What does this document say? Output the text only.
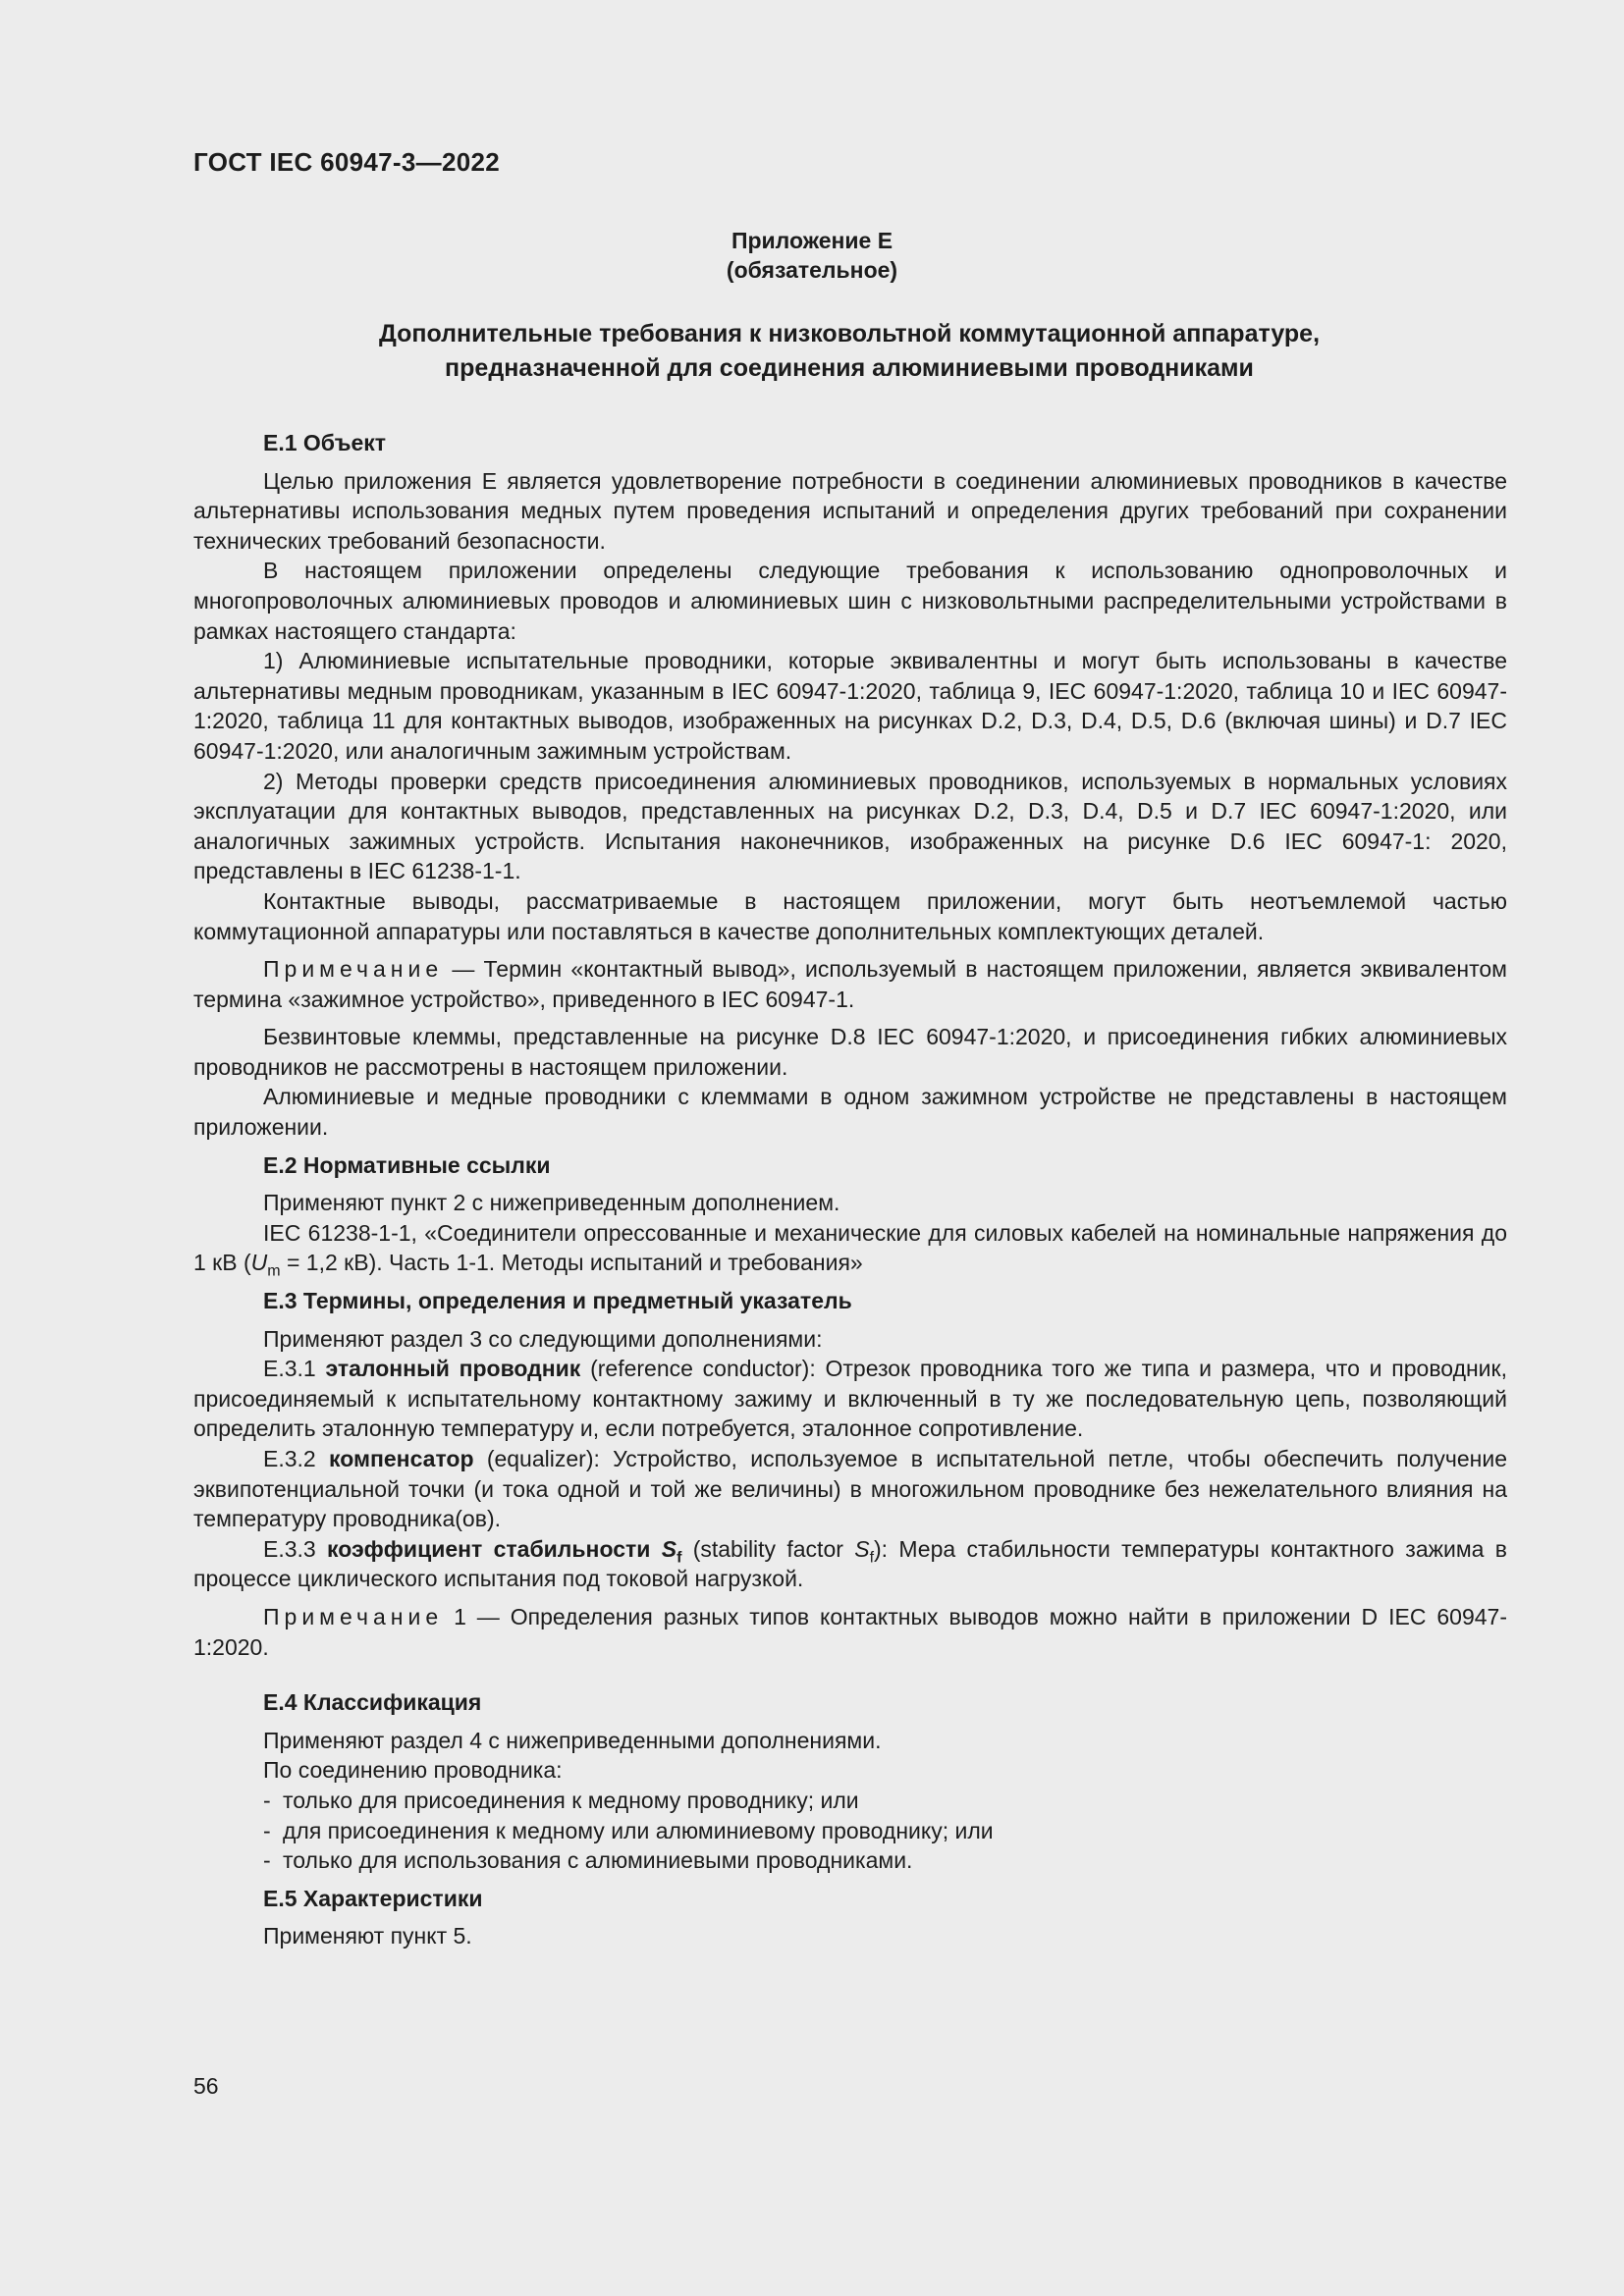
ГОСТ IEC 60947-3—2022
Приложение Е
(обязательное)
Дополнительные требования к низковольтной коммутационной аппаратуре,
предназначенной для соединения алюминиевыми проводниками
E.1 Объект

Целью приложения Е является удовлетворение потребности в соединении алюминиевых проводников в качестве альтернативы использования медных путем проведения испытаний и определения других требований при сохранении технических требований безопасности.

В настоящем приложении определены следующие требования к использованию однопроволочных и многопроволочных алюминиевых проводов и алюминиевых шин с низковольтными распределительными устройствами в рамках настоящего стандарта:

1) Алюминиевые испытательные проводники, которые эквивалентны и могут быть использованы в качестве альтернативы медным проводникам, указанным в IEC 60947-1:2020, таблица 9, IEC 60947-1:2020, таблица 10 и IEC 60947-1:2020, таблица 11 для контактных выводов, изображенных на рисунках D.2, D.3, D.4, D.5, D.6 (включая шины) и D.7 IEC 60947-1:2020, или аналогичным зажимным устройствам.

2) Методы проверки средств присоединения алюминиевых проводников, используемых в нормальных условиях эксплуатации для контактных выводов, представленных на рисунках D.2, D.3, D.4, D.5 и D.7 IEC 60947-1:2020, или аналогичных зажимных устройств. Испытания наконечников, изображенных на рисунке D.6 IEC 60947-1: 2020, представлены в IEC 61238-1-1.

Контактные выводы, рассматриваемые в настоящем приложении, могут быть неотъемлемой частью коммутационной аппаратуры или поставляться в качестве дополнительных комплектующих деталей.

Примечание — Термин «контактный вывод», используемый в настоящем приложении, является эквивалентом термина «зажимное устройство», приведенного в IEC 60947-1.

Безвинтовые клеммы, представленные на рисунке D.8 IEC 60947-1:2020, и присоединения гибких алюминиевых проводников не рассмотрены в настоящем приложении.

Алюминиевые и медные проводники с клеммами в одном зажимном устройстве не представлены в настоящем приложении.

E.2 Нормативные ссылки

Применяют пункт 2 с нижеприведенным дополнением.

IEC 61238-1-1, «Соединители опрессованные и механические для силовых кабелей на номинальные напряжения до 1 кВ ($U_m = 1,2$ кВ). Часть 1-1. Методы испытаний и требования»

E.3 Термины, определения и предметный указатель

Применяют раздел 3 со следующими дополнениями:

E.3.1 эталонный проводник (reference conductor): Отрезок проводника того же типа и размера, что и проводник, присоединяемый к испытательному контактному зажиму и включенный в ту же последовательную цепь, позволяющий определить эталонную температуру и, если потребуется, эталонное сопротивление.

E.3.2 компенсатор (equalizer): Устройство, используемое в испытательной петле, чтобы обеспечить получение эквипотенциальной точки (и тока одной и той же величины) в многожильном проводнике без нежелательного влияния на температуру проводника(ов).

E.3.3 коэффициент стабильности $S_f$ (stability factor $S_f$): Мера стабильности температуры контактного зажима в процессе циклического испытания под токовой нагрузкой.

Примечание 1 — Определения разных типов контактных выводов можно найти в приложении D IEC 60947-1:2020.

E.4 Классификация

Применяют раздел 4 с нижеприведенными дополнениями.

По соединению проводника:

- только для присоединения к медному проводнику; или
- для присоединения к медному или алюминиевому проводнику; или
- только для использования с алюминиевыми проводниками.
E.5 Характеристики

Применяют пункт 5.

56
